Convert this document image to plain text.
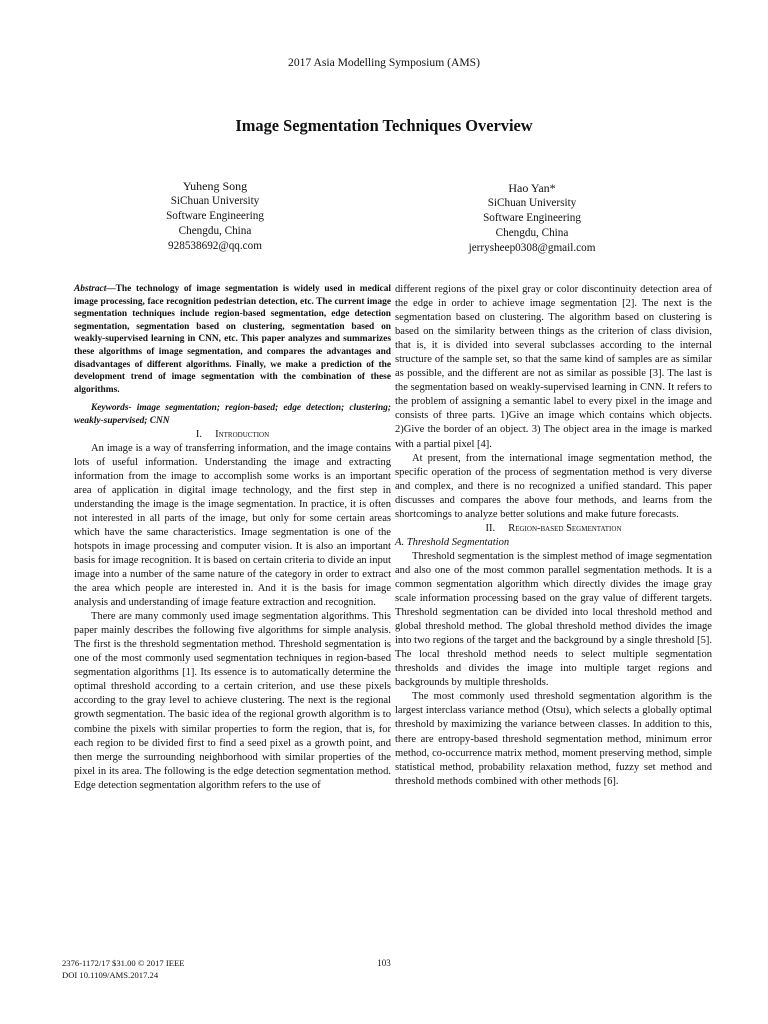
2017 Asia Modelling Symposium (AMS)
Image Segmentation Techniques Overview
Yuheng Song
SiChuan University
Software Engineering
Chengdu, China
928538692@qq.com
Hao Yan*
SiChuan University
Software Engineering
Chengdu, China
jerrysheep0308@gmail.com

Abstract—The technology of image segmentation is widely used in medical image processing, face recognition pedestrian detection, etc. The current image segmentation techniques include region-based segmentation, edge detection segmentation, segmentation based on clustering, segmentation based on weakly-supervised learning in CNN, etc. This paper analyzes and summarizes these algorithms of image segmentation, and compares the advantages and disadvantages of different algorithms. Finally, we make a prediction of the development trend of image segmentation with the combination of these algorithms.

Keywords- image segmentation; region-based; edge detection; clustering; weakly-supervised; CNN

I. Introduction

An image is a way of transferring information, and the image contains lots of useful information. Understanding the image and extracting information from the image to accomplish some works is an important area of application in digital image technology, and the first step in understanding the image is the image segmentation. In practice, it is often not interested in all parts of the image, but only for some certain areas which have the same characteristics. Image segmentation is one of the hotspots in image processing and computer vision. It is also an important basis for image recognition. It is based on certain criteria to divide an input image into a number of the same nature of the category in order to extract the area which people are interested in. And it is the basis for image analysis and understanding of image feature extraction and recognition.

There are many commonly used image segmentation algorithms. This paper mainly describes the following five algorithms for simple analysis. The first is the threshold segmentation method. Threshold segmentation is one of the most commonly used segmentation techniques in region-based segmentation algorithms [1]. Its essence is to automatically determine the optimal threshold according to a certain criterion, and use these pixels according to the gray level to achieve clustering. The next is the regional growth segmentation. The basic idea of the regional growth algorithm is to combine the pixels with similar properties to form the region, that is, for each region to be divided first to find a seed pixel as a growth point, and then merge the surrounding neighborhood with similar properties of the pixel in its area. The following is the edge detection segmentation method. Edge detection segmentation algorithm refers to the use of

different regions of the pixel gray or color discontinuity detection area of the edge in order to achieve image segmentation [2]. The next is the segmentation based on clustering. The algorithm based on clustering is based on the similarity between things as the criterion of class division, that is, it is divided into several subclasses according to the internal structure of the sample set, so that the same kind of samples are as similar as possible, and the different are not as similar as possible [3]. The last is the segmentation based on weakly-supervised learning in CNN. It refers to the problem of assigning a semantic label to every pixel in the image and consists of three parts. 1)Give an image which contains which objects. 2)Give the border of an object. 3) The object area in the image is marked with a partial pixel [4].

At present, from the international image segmentation method, the specific operation of the process of segmentation method is very diverse and complex, and there is no recognized a unified standard. This paper discusses and compares the above four methods, and learns from the shortcomings to analyze better solutions and make future forecasts.

II. Region-based Segmentation

A. Threshold Segmentation

Threshold segmentation is the simplest method of image segmentation and also one of the most common parallel segmentation methods. It is a common segmentation algorithm which directly divides the image gray scale information processing based on the gray value of different targets. Threshold segmentation can be divided into local threshold method and global threshold method. The global threshold method divides the image into two regions of the target and the background by a single threshold [5]. The local threshold method needs to select multiple segmentation thresholds and divides the image into multiple target regions and backgrounds by multiple thresholds.

The most commonly used threshold segmentation algorithm is the largest interclass variance method (Otsu), which selects a globally optimal threshold by maximizing the variance between classes. In addition to this, there are entropy-based threshold segmentation method, minimum error method, co-occurrence matrix method, moment preserving method, simple statistical method, probability relaxation method, fuzzy set method and threshold methods combined with other methods [6].

2376-1172/17 $31.00 © 2017 IEEE
DOI 10.1109/AMS.2017.24
103
